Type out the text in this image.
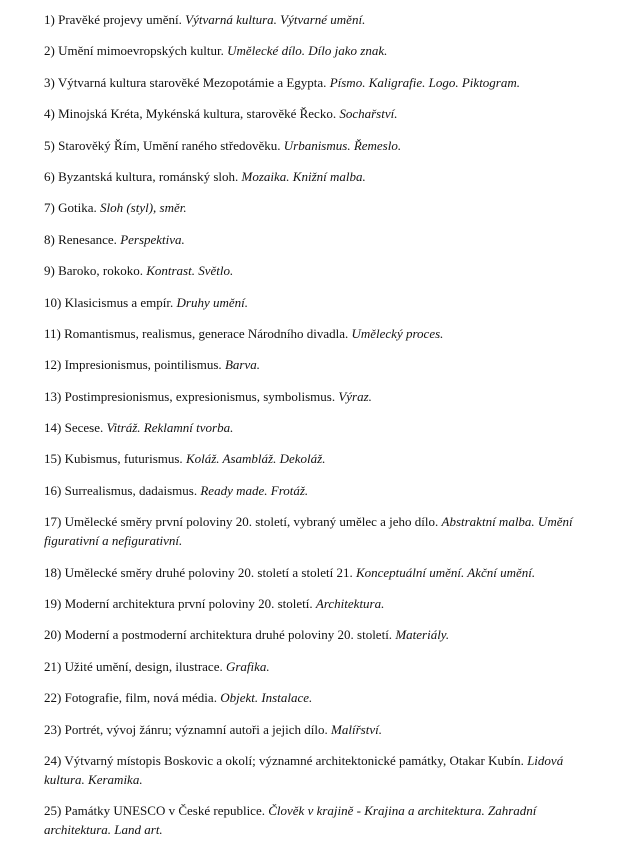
1) Pravěké projevy umění. Výtvarná kultura. Výtvarné umění.

2) Umění mimoevropských kultur. Umělecké dílo. Dílo jako znak.

3) Výtvarná kultura starověké Mezopotámie a Egypta. Písmo. Kaligrafie. Logo. Piktogram.

4) Minojská Kréta, Mykénská kultura, starověké Řecko. Sochařství.

5) Starověký Řím, Umění raného středověku. Urbanismus. Řemeslo.

6) Byzantská kultura, románský sloh. Mozaika. Knižní malba.

7) Gotika. Sloh (styl), směr.

8) Renesance. Perspektiva.

9) Baroko, rokoko. Kontrast. Světlo.

10) Klasicismus a empír. Druhy umění.

11) Romantismus, realismus, generace Národního divadla. Umělecký proces.

12) Impresionismus, pointilismus. Barva.

13) Postimpresionismus, expresionismus, symbolismus. Výraz.

14) Secese. Vitráž. Reklamní tvorba.

15) Kubismus, futurismus. Koláž. Asambláž. Dekoláž.

16) Surrealismus, dadaismus. Ready made. Frotáž.

17) Umělecké směry první poloviny 20. století, vybraný umělec a jeho dílo. Abstraktní malba. Umění figurativní a nefigurativní.

18) Umělecké směry druhé poloviny 20. století a století 21. Konceptuální umění. Akční umění.

19) Moderní architektura první poloviny 20. století. Architektura.

20) Moderní a postmoderní architektura druhé poloviny 20. století. Materiály.

21) Užité umění, design, ilustrace. Grafika.

22) Fotografie, film, nová média. Objekt. Instalace.

23) Portrét, vývoj žánru; významní autoři a jejich dílo. Malířství.

24) Výtvarný místopis Boskovic a okolí; významné architektonické památky, Otakar Kubín. Lidová kultura. Keramika.

25) Památky UNESCO v České republice. Člověk v krajině - Krajina a architektura. Zahradní architektura. Land art.
